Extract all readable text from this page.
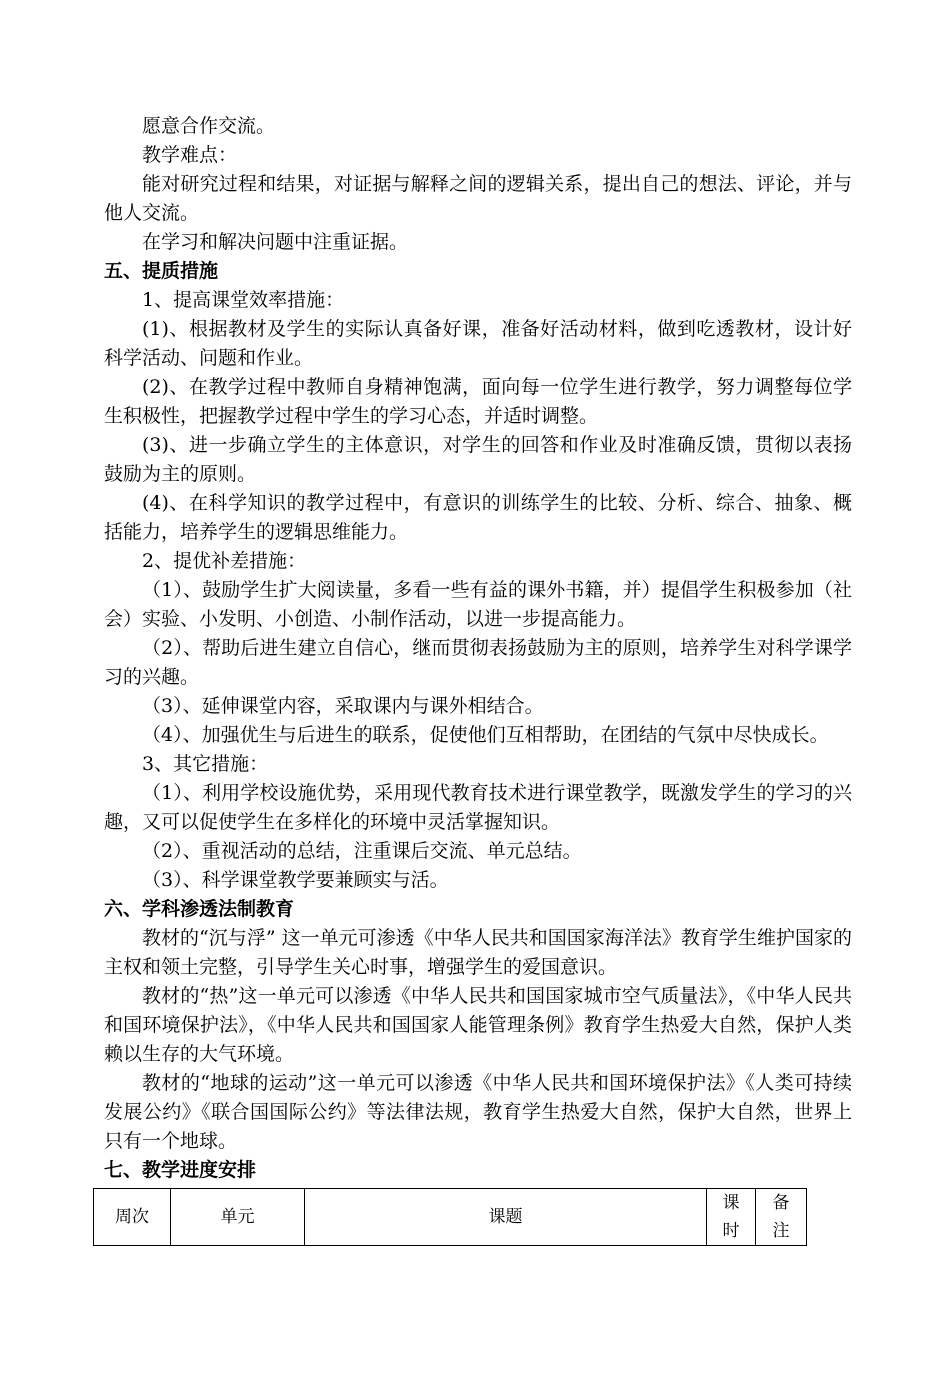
愿意合作交流。

教学难点：

能对研究过程和结果，对证据与解释之间的逻辑关系，提出自己的想法、评论，并与他人交流。

在学习和解决问题中注重证据。

五、提质措施

1、提高课堂效率措施：

(1)、根据教材及学生的实际认真备好课，准备好活动材料，做到吃透教材，设计好科学活动、问题和作业。

(2)、在教学过程中教师自身精神饱满，面向每一位学生进行教学，努力调整每位学生积极性，把握教学过程中学生的学习心态，并适时调整。

(3)、进一步确立学生的主体意识，对学生的回答和作业及时准确反馈，贯彻以表扬鼓励为主的原则。

(4)、在科学知识的教学过程中，有意识的训练学生的比较、分析、综合、抽象、概括能力，培养学生的逻辑思维能力。

2、提优补差措施：

（1）、鼓励学生扩大阅读量，多看一些有益的课外书籍，并）提倡学生积极参加（社会）实验、小发明、小创造、小制作活动，以进一步提高能力。

（2）、帮助后进生建立自信心，继而贯彻表扬鼓励为主的原则，培养学生对科学课学习的兴趣。

（3）、延伸课堂内容，采取课内与课外相结合。

（4）、加强优生与后进生的联系，促使他们互相帮助，在团结的气氛中尽快成长。

3、其它措施：

（1）、利用学校设施优势，采用现代教育技术进行课堂教学，既激发学生的学习的兴趣，又可以促使学生在多样化的环境中灵活掌握知识。

（2）、重视活动的总结，注重课后交流、单元总结。

（3）、科学课堂教学要兼顾实与活。

六、学科渗透法制教育

教材的“沉与浮” 这一单元可渗透《中华人民共和国国家海洋法》教育学生维护国家的主权和领土完整，引导学生关心时事，增强学生的爱国意识。

教材的“热”这一单元可以渗透《中华人民共和国国家城市空气质量法》，《中华人民共和国环境保护法》，《中华人民共和国国家人能管理条例》教育学生热爱大自然，保护人类赖以生存的大气环境。

教材的“地球的运动”这一单元可以渗透《中华人民共和国环境保护法》《人类可持续发展公约》《联合国国际公约》等法律法规，教育学生热爱大自然，保护大自然，世界上只有一个地球。

七、教学进度安排
周次	单元	课题	课时	备注
